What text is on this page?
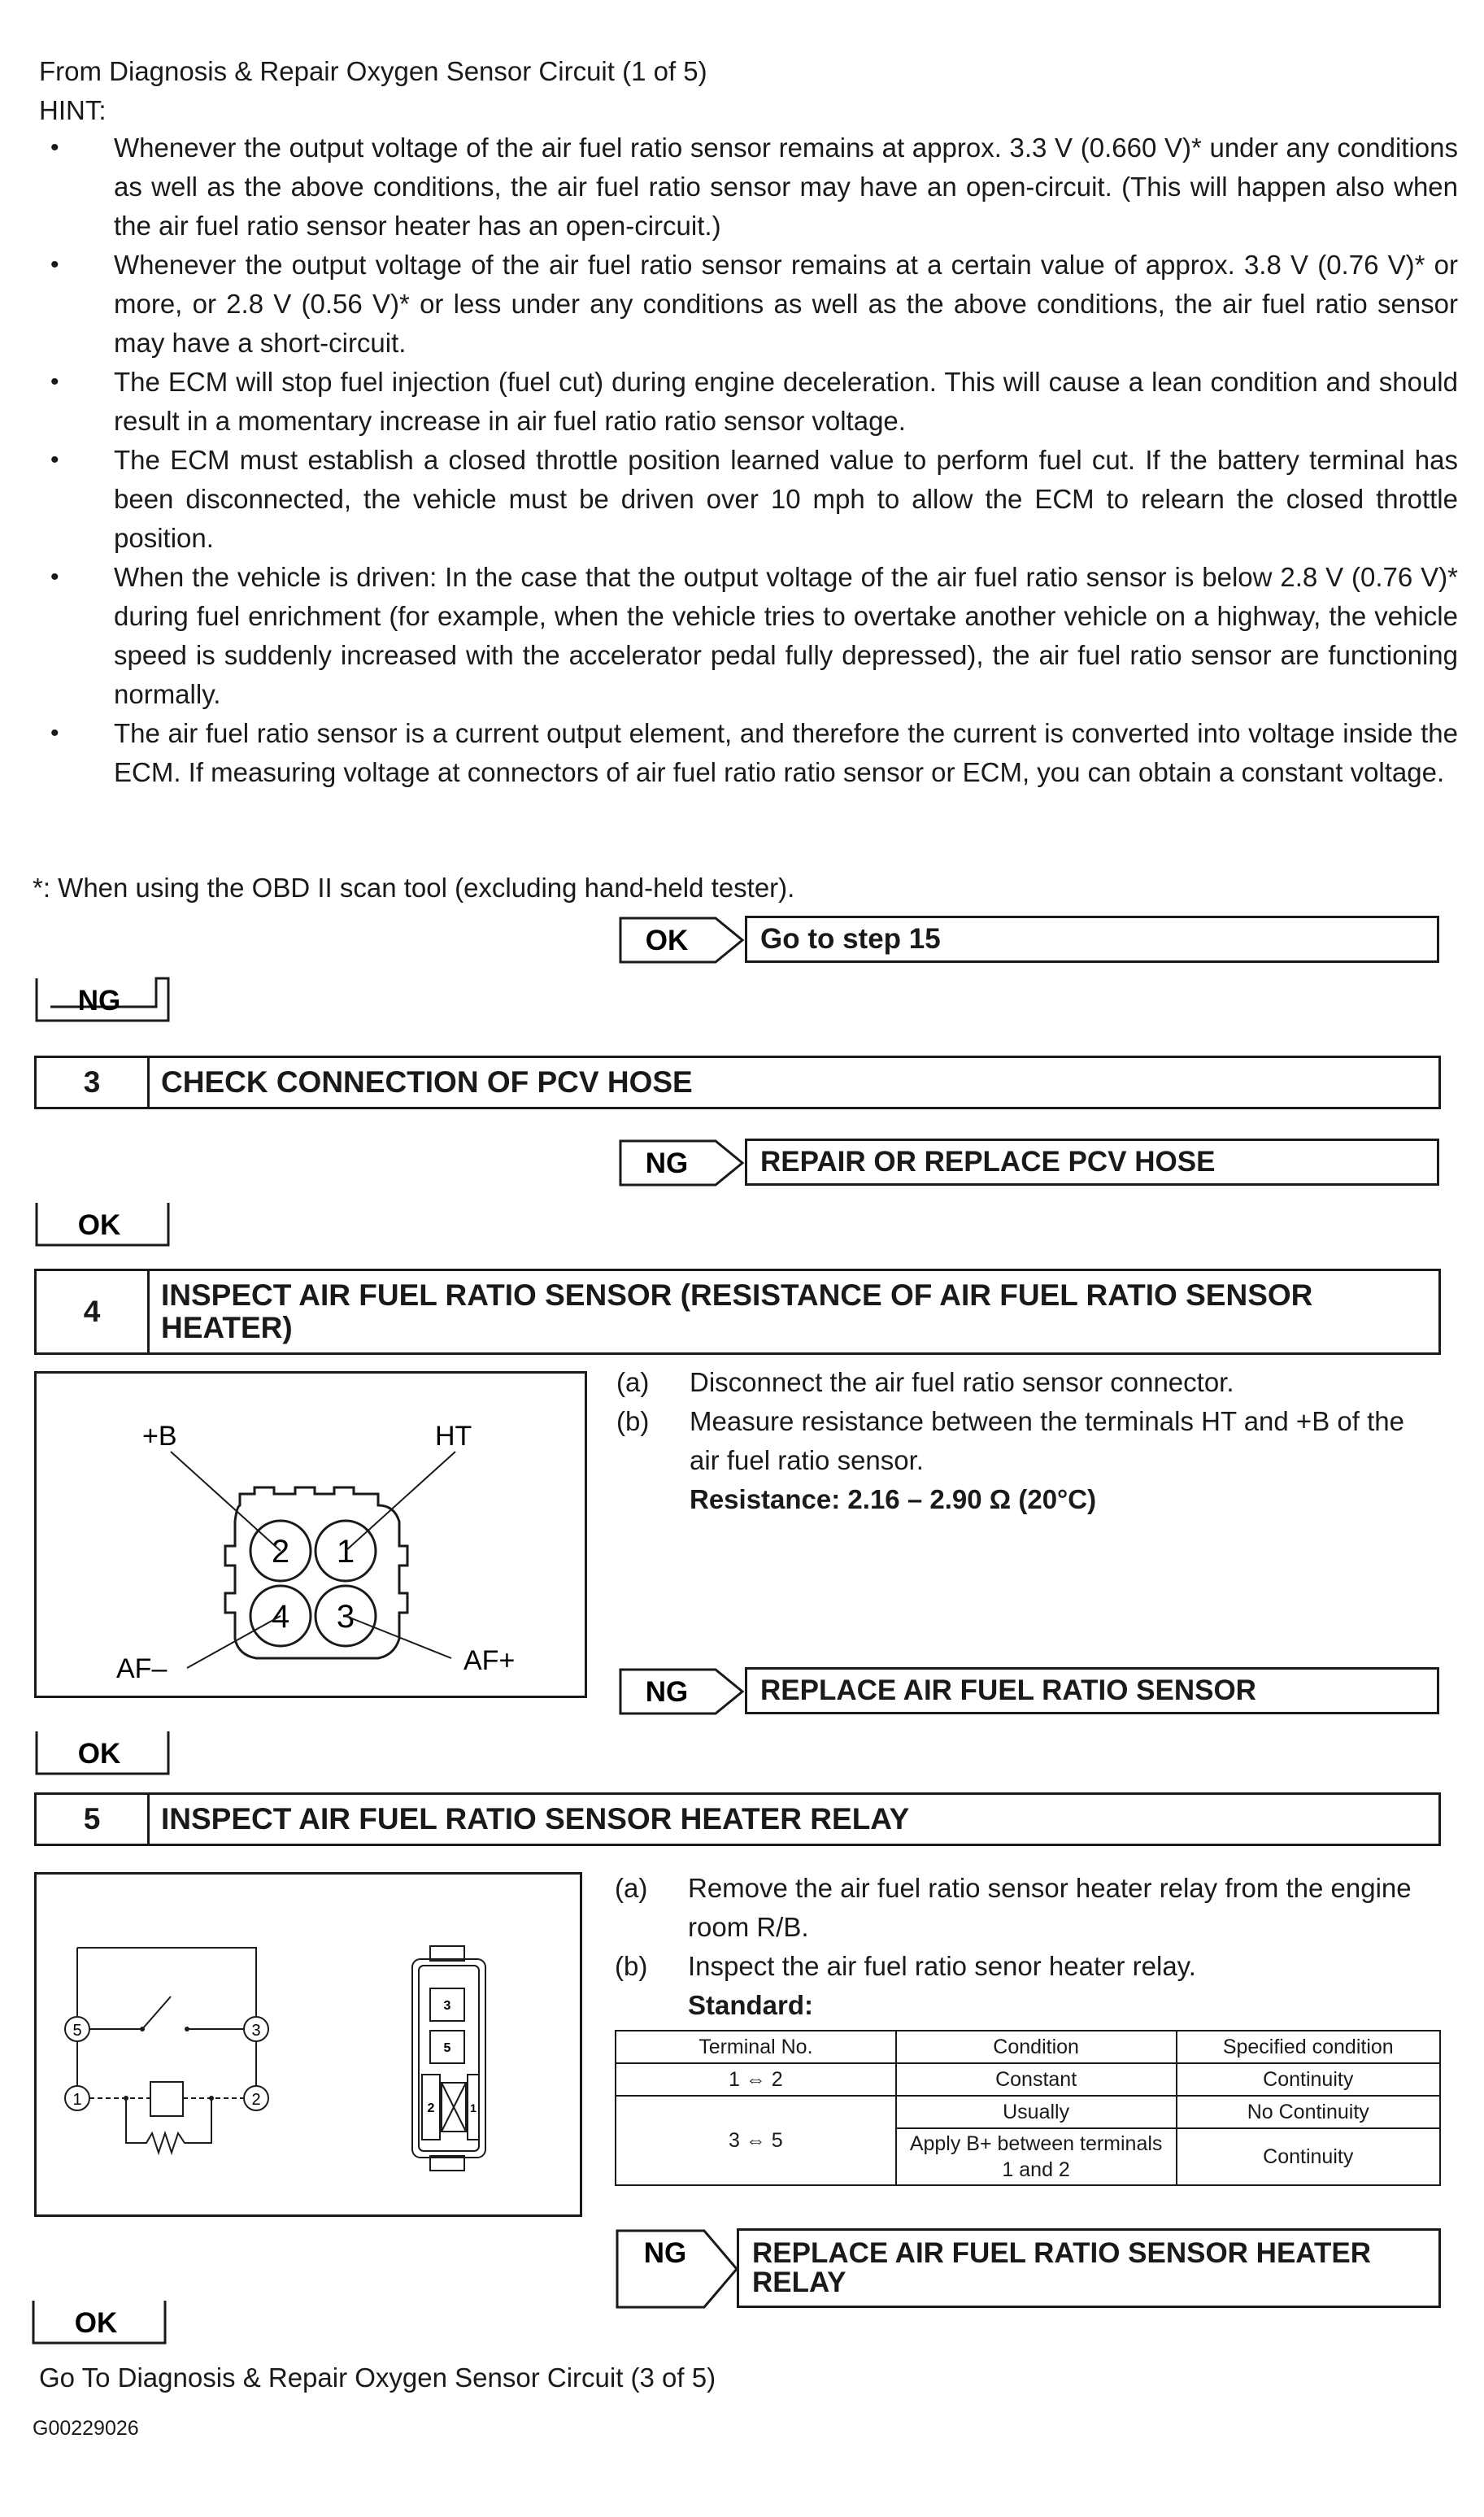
From Diagnosis & Repair Oxygen Sensor Circuit (1 of 5)
HINT:
• Whenever the output voltage of the air fuel ratio sensor remains at approx. 3.3 V (0.660 V)* under any conditions as well as the above conditions, the air fuel ratio sensor may have an open-circuit. (This will happen also when the air fuel ratio sensor heater has an open-circuit.)
• Whenever the output voltage of the air fuel ratio sensor remains at a certain value of approx. 3.8 V (0.76 V)* or more, or 2.8 V (0.56 V)* or less under any conditions as well as the above conditions, the air fuel ratio sensor may have a short-circuit.
• The ECM will stop fuel injection (fuel cut) during engine deceleration. This will cause a lean condition and should result in a momentary increase in air fuel ratio ratio sensor voltage.
• The ECM must establish a closed throttle position learned value to perform fuel cut. If the battery terminal has been disconnected, the vehicle must be driven over 10 mph to allow the ECM to relearn the closed throttle position.
• When the vehicle is driven: In the case that the output voltage of the air fuel ratio sensor is below 2.8 V (0.76 V)* during fuel enrichment (for example, when the vehicle tries to overtake another vehicle on a highway, the vehicle speed is suddenly increased with the accelerator pedal fully depressed), the air fuel ratio sensor are functioning normally.
• The air fuel ratio sensor is a current output element, and therefore the current is converted into voltage inside the ECM. If measuring voltage at connectors of air fuel ratio ratio sensor or ECM, you can obtain a constant voltage.
*: When using the OBD II scan tool (excluding hand-held tester).
OK	Go to step 15
NG
3	CHECK CONNECTION OF PCV HOSE
NG	REPAIR OR REPLACE PCV HOSE
OK
4	INSPECT AIR FUEL RATIO SENSOR (RESISTANCE OF AIR FUEL RATIO SENSOR HEATER)
2 1
4 3
+B	HT
AF–	AF+
(a)	Disconnect the air fuel ratio sensor connector.
(b)	Measure resistance between the terminals HT and +B of the air fuel ratio sensor.
Resistance: 2.16 – 2.90 Ω (20°C)
NG	REPLACE AIR FUEL RATIO SENSOR
OK
5	INSPECT AIR FUEL RATIO SENSOR HEATER RELAY
5	3
1	2
3
5
2	1
(a)	Remove the air fuel ratio sensor heater relay from the engine room R/B.
(b)	Inspect the air fuel ratio senor heater relay.
Standard:
Terminal No.	Condition	Specified condition
1 ⇔ 2	Constant	Continuity
3 ⇔ 5	Usually	No Continuity
	Apply B+ between terminals 1 and 2	Continuity
NG	REPLACE AIR FUEL RATIO SENSOR HEATER RELAY
OK
Go To Diagnosis & Repair Oxygen Sensor Circuit (3 of 5)
G00229026
